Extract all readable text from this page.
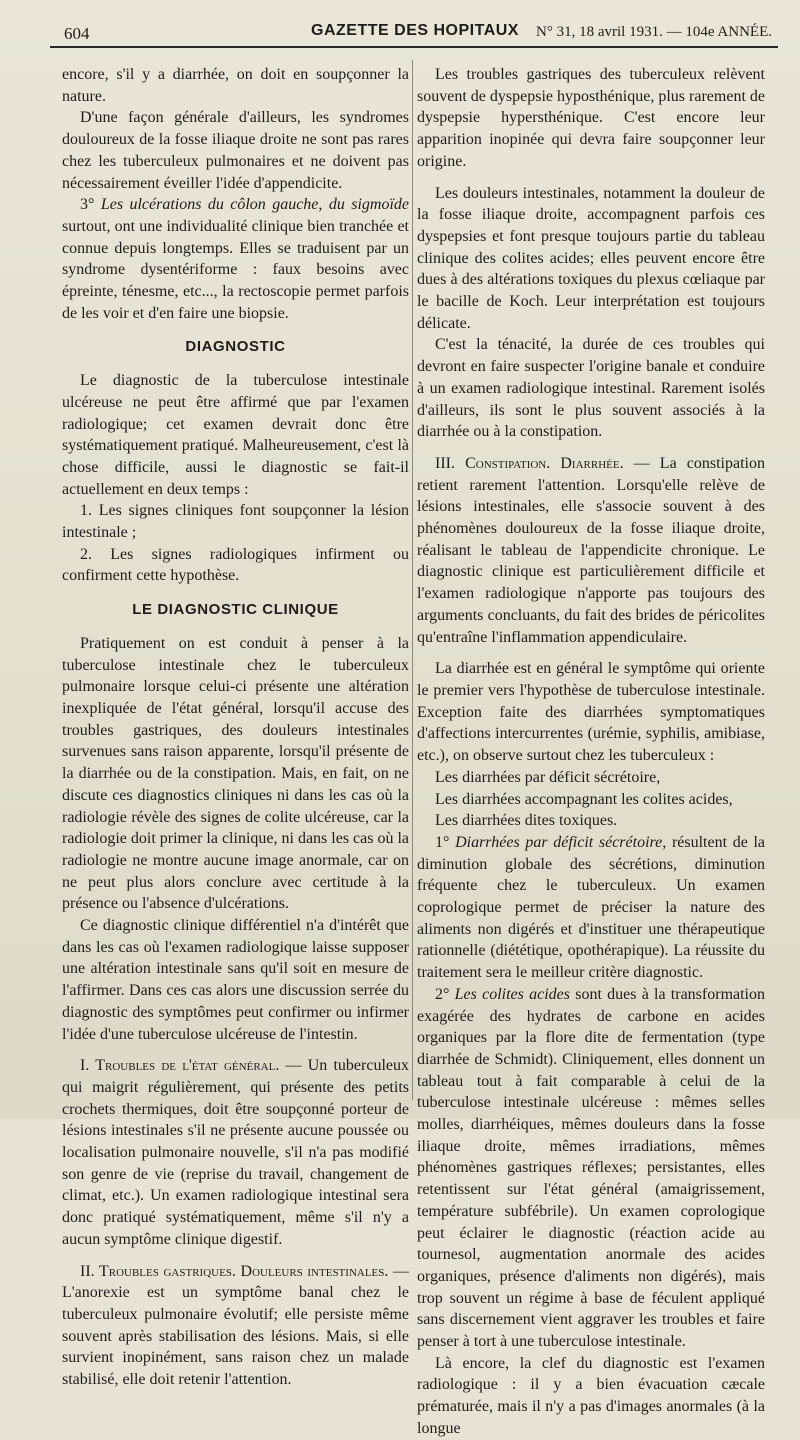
604	GAZETTE DES HOPITAUX	N° 31, 18 avril 1931. — 104e ANNÉE.

encore, s'il y a diarrhée, on doit en soupçonner la nature.

D'une façon générale d'ailleurs, les syndromes douloureux de la fosse iliaque droite ne sont pas rares chez les tuberculeux pulmonaires et ne doivent pas nécessairement éveiller l'idée d'appendicite.

3° Les ulcérations du côlon gauche, du sigmoïde surtout, ont une individualité clinique bien tranchée et connue depuis longtemps. Elles se traduisent par un syndrome dysentériforme : faux besoins avec épreinte, ténesme, etc..., la rectoscopie permet parfois de les voir et d'en faire une biopsie.

DIAGNOSTIC

Le diagnostic de la tuberculose intestinale ulcéreuse ne peut être affirmé que par l'examen radiologique; cet examen devrait donc être systématiquement pratiqué. Malheureusement, c'est là chose difficile, aussi le diagnostic se fait-il actuellement en deux temps :

1. Les signes cliniques font soupçonner la lésion intestinale ;

2. Les signes radiologiques infirment ou confirment cette hypothèse.

LE DIAGNOSTIC CLINIQUE

Pratiquement on est conduit à penser à la tuberculose intestinale chez le tuberculeux pulmonaire lorsque celui-ci présente une altération inexpliquée de l'état général, lorsqu'il accuse des troubles gastriques, des douleurs intestinales survenues sans raison apparente, lorsqu'il présente de la diarrhée ou de la constipation. Mais, en fait, on ne discute ces diagnostics cliniques ni dans les cas où la radiologie révèle des signes de colite ulcéreuse, car la radiologie doit primer la clinique, ni dans les cas où la radiologie ne montre aucune image anormale, car on ne peut plus alors conclure avec certitude à la présence ou l'absence d'ulcérations.

Ce diagnostic clinique différentiel n'a d'intérêt que dans les cas où l'examen radiologique laisse supposer une altération intestinale sans qu'il soit en mesure de l'affirmer. Dans ces cas alors une discussion serrée du diagnostic des symptômes peut confirmer ou infirmer l'idée d'une tuberculose ulcéreuse de l'intestin.

I. Troubles de l'état général. — Un tuberculeux qui maigrit régulièrement, qui présente des petits crochets thermiques, doit être soupçonné porteur de lésions intestinales s'il ne présente aucune poussée ou localisation pulmonaire nouvelle, s'il n'a pas modifié son genre de vie (reprise du travail, changement de climat, etc.). Un examen radiologique intestinal sera donc pratiqué systématiquement, même s'il n'y a aucun symptôme clinique digestif.

II. Troubles gastriques. Douleurs intestinales. — L'anorexie est un symptôme banal chez le tuberculeux pulmonaire évolutif; elle persiste même souvent après stabilisation des lésions. Mais, si elle survient inopinément, sans raison chez un malade stabilisé, elle doit retenir l'attention.

Les troubles gastriques des tuberculeux relèvent souvent de dyspepsie hyposthénique, plus rarement de dyspepsie hypersthénique. C'est encore leur apparition inopinée qui devra faire soupçonner leur origine.

Les douleurs intestinales, notamment la douleur de la fosse iliaque droite, accompagnent parfois ces dyspepsies et font presque toujours partie du tableau clinique des colites acides; elles peuvent encore être dues à des altérations toxiques du plexus cœliaque par le bacille de Koch. Leur interprétation est toujours délicate.

C'est la ténacité, la durée de ces troubles qui devront en faire suspecter l'origine banale et conduire à un examen radiologique intestinal. Rarement isolés d'ailleurs, ils sont le plus souvent associés à la diarrhée ou à la constipation.

III. Constipation. Diarrhée. — La constipation retient rarement l'attention. Lorsqu'elle relève de lésions intestinales, elle s'associe souvent à des phénomènes douloureux de la fosse iliaque droite, réalisant le tableau de l'appendicite chronique. Le diagnostic clinique est particulièrement difficile et l'examen radiologique n'apporte pas toujours des arguments concluants, du fait des brides de péricolites qu'entraîne l'inflammation appendiculaire.

La diarrhée est en général le symptôme qui oriente le premier vers l'hypothèse de tuberculose intestinale. Exception faite des diarrhées symptomatiques d'affections intercurrentes (urémie, syphilis, amibiase, etc.), on observe surtout chez les tuberculeux :

Les diarrhées par déficit sécrétoire,

Les diarrhées accompagnant les colites acides,

Les diarrhées dites toxiques.

1° Diarrhées par déficit sécrétoire, résultent de la diminution globale des sécrétions, diminution fréquente chez le tuberculeux. Un examen coprologique permet de préciser la nature des aliments non digérés et d'instituer une thérapeutique rationnelle (diététique, opothérapique). La réussite du traitement sera le meilleur critère diagnostic.

2° Les colites acides sont dues à la transformation exagérée des hydrates de carbone en acides organiques par la flore dite de fermentation (type diarrhée de Schmidt). Cliniquement, elles donnent un tableau tout à fait comparable à celui de la tuberculose intestinale ulcéreuse : mêmes selles molles, diarrhéiques, mêmes douleurs dans la fosse iliaque droite, mêmes irradiations, mêmes phénomènes gastriques réflexes; persistantes, elles retentissent sur l'état général (amaigrissement, température subfébrile). Un examen coprologique peut éclairer le diagnostic (réaction acide au tournesol, augmentation anormale des acides organiques, présence d'aliments non digérés), mais trop souvent un régime à base de féculent appliqué sans discernement vient aggraver les troubles et faire penser à tort à une tuberculose intestinale.

Là encore, la clef du diagnostic est l'examen radiologique : il y a bien évacuation cæcale prématurée, mais il n'y a pas d'images anormales (à la longue
